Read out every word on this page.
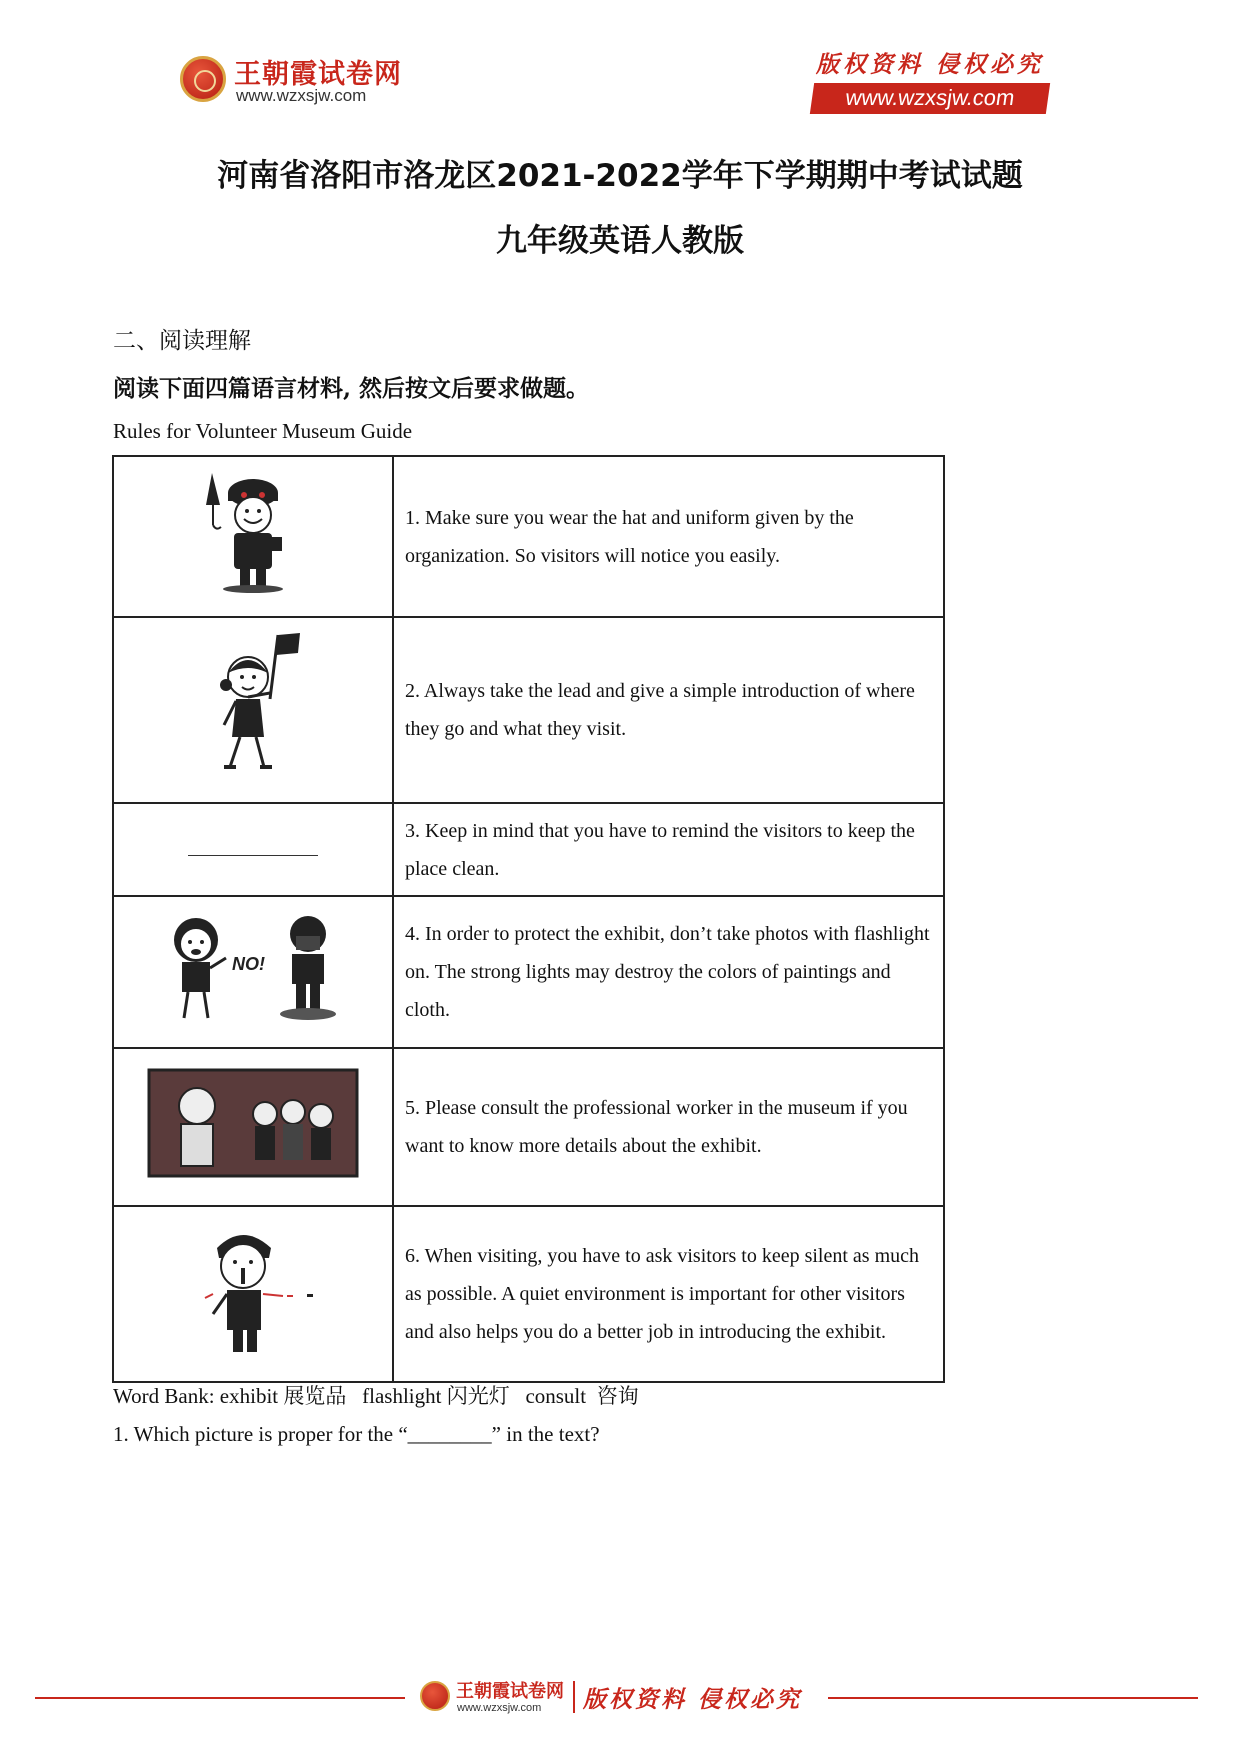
王朝霞试卷网
www.wzxsjw.com
版权资料 侵权必究
www.wzxsjw.com
河南省洛阳市洛龙区2021-2022学年下学期期中考试试题
九年级英语人教版
二、阅读理解
阅读下面四篇语言材料, 然后按文后要求做题。
Rules for Volunteer Museum Guide
	1. Make sure you wear the hat and uniform given by the organization. So visitors will notice you easily.
	2. Always take the lead and give a simple introduction of where they go and what they visit.
	3. Keep in mind that you have to remind the visitors to keep the place clean.

NO!	4. In order to protect the exhibit, don’t take photos with flashlight on. The strong lights may destroy the colors of paintings and cloth.
	5. Please consult the professional worker in the museum if you want to know more details about the exhibit.
	6. When visiting, you have to ask visitors to keep silent as much as possible. A quiet environment is important for other visitors and also helps you do a better job in introducing the exhibit.
Word Bank: exhibit 展览品   flashlight 闪光灯   consult  咨询
1. Which picture is proper for the “________” in the text?
王朝霞试卷网
www.wzxsjw.com 版权资料 侵权必究
